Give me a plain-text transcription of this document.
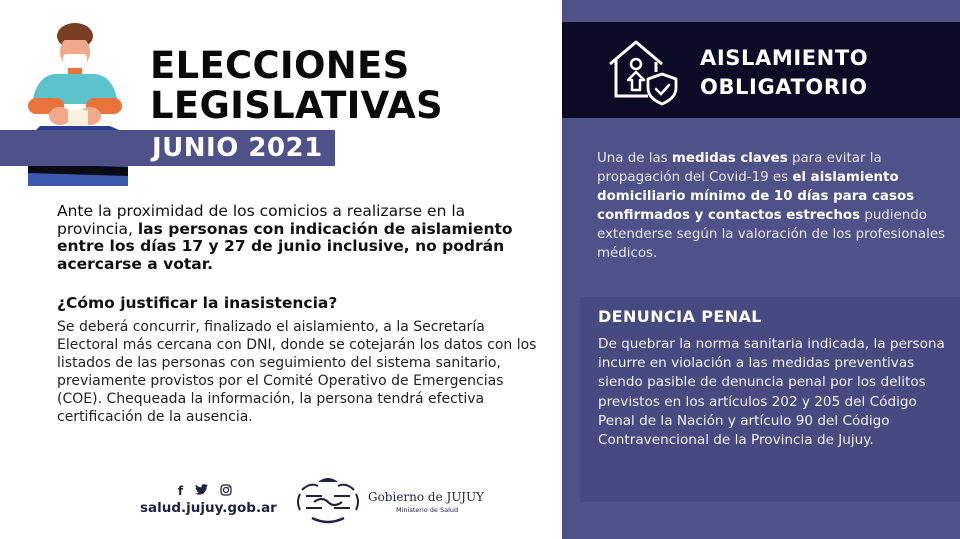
JUNIO 2021
ELECCIONES
LEGISLATIVAS
Ante la proximidad de los comicios a realizarse en la provincia, las personas con indicación de aislamiento entre los días 17 y 27 de junio inclusive, no podrán acercarse a votar.
¿Cómo justificar la inasistencia?
Se deberá concurrir, finalizado el aislamiento, a la Secretaría Electoral más cercana con DNI, donde se cotejarán los datos con los listados de las personas con seguimiento del sistema sanitario, previamente provistos por el Comité Operativo de Emergencias (COE). Chequeada la información, la persona tendrá efectiva certificación de la ausencia.
f
salud.jujuy.gob.ar
Gobierno de JUJUY
Ministerio de Salud
AISLAMIENTO
OBLIGATORIO
Una de las medidas claves para evitar la propagación del Covid-19 es el aislamiento domiciliario mínimo de 10 días para casos confirmados y contactos estrechos pudiendo extenderse según la valoración de los profesionales médicos.
DENUNCIA PENAL
De quebrar la norma sanitaria indicada, la persona incurre en violación a las medidas preventivas siendo pasible de denuncia penal por los delitos previstos en los artículos 202 y 205 del Código Penal de la Nación y artículo 90 del Código Contravencional de la Provincia de Jujuy.
